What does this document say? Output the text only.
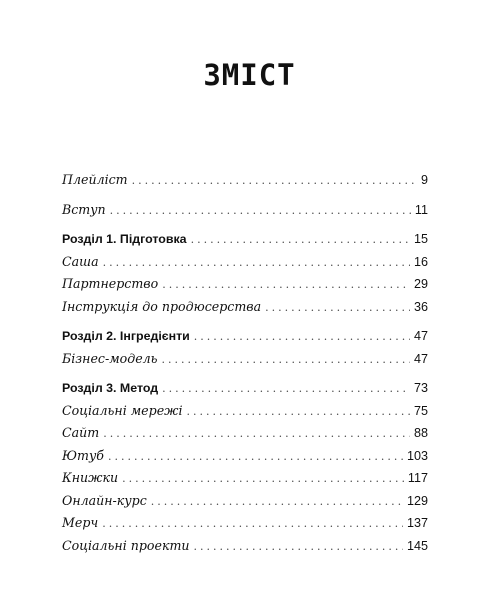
ЗМІСТ
Плейліст .....	9
Вступ .....	11
Розділ 1. Підготовка .....	15
Саша .....	16
Партнерство .....	29
Інструкція до продюсерства .....	36
Розділ 2. Інгредієнти .....	47
Бізнес-модель .....	47
Розділ 3. Метод .....	73
Соціальні мережі .....	75
Сайт .....	88
Ютуб .....	103
Книжки .....	117
Онлайн-курс .....	129
Мерч .....	137
Соціальні проекти .....	145
